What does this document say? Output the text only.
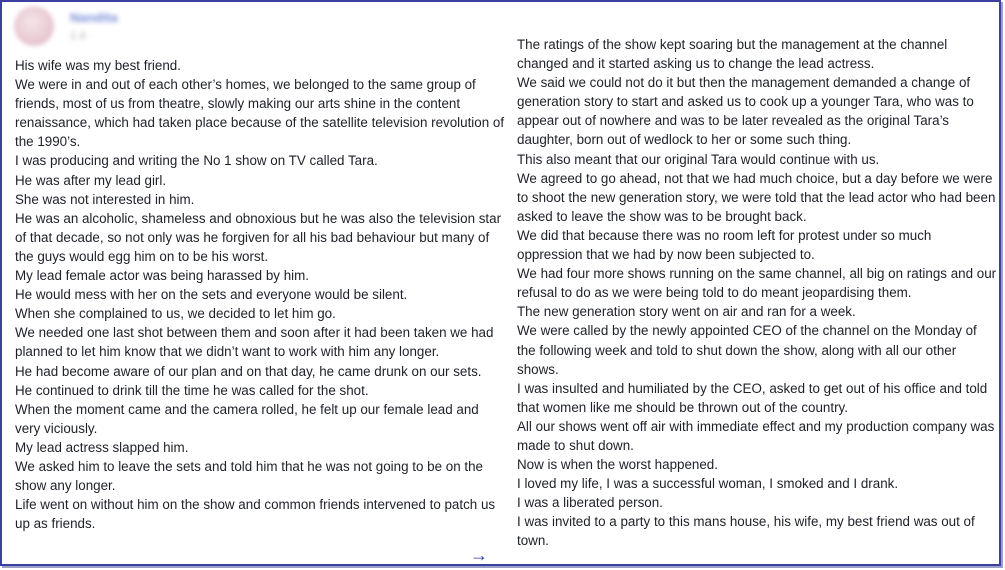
Nandita
1 d ·

His wife was my best friend.

We were in and out of each other’s homes, we belonged to the same group of friends, most of us from theatre, slowly making our arts shine in the content renaissance, which had taken place because of the satellite television revolution of the 1990’s.

I was producing and writing the No 1 show on TV called Tara.

He was after my lead girl.

She was not interested in him.

He was an alcoholic, shameless and obnoxious but he was also the television star of that decade, so not only was he forgiven for all his bad behaviour but many of the guys would egg him on to be his worst.

My lead female actor was being harassed by him.

He would mess with her on the sets and everyone would be silent.

When she complained to us, we decided to let him go.

We needed one last shot between them and soon after it had been taken we had planned to let him know that we didn’t want to work with him any longer.

He had become aware of our plan and on that day, he came drunk on our sets.

He continued to drink till the time he was called for the shot.

When the moment came and the camera rolled, he felt up our female lead and very viciously.

My lead actress slapped him.

We asked him to leave the sets and told him that he was not going to be on the show any longer.

Life went on without him on the show and common friends intervened to patch us up as friends.

The ratings of the show kept soaring but the management at the channel changed and it started asking us to change the lead actress.

We said we could not do it but then the management demanded a change of generation story to start and asked us to cook up a younger Tara, who was to appear out of nowhere and was to be later revealed as the original Tara’s daughter, born out of wedlock to her or some such thing.

This also meant that our original Tara would continue with us.

We agreed to go ahead, not that we had much choice, but a day before we were to shoot the new generation story, we were told that the lead actor who had been asked to leave the show was to be brought back.

We did that because there was no room left for protest under so much oppression that we had by now been subjected to.

We had four more shows running on the same channel, all big on ratings and our refusal to do as we were being told to do meant jeopardising them.

The new generation story went on air and ran for a week.

We were called by the newly appointed CEO of the channel on the Monday of the following week and told to shut down the show, along with all our other shows.

I was insulted and humiliated by the CEO, asked to get out of his office and told that women like me should be thrown out of the country.

All our shows went off air with immediate effect and my production company was made to shut down.

Now is when the worst happened.

I loved my life, I was a successful woman, I smoked and I drank.

I was a liberated person.

I was invited to a party to this mans house, his wife, my best friend was out of town.

→
